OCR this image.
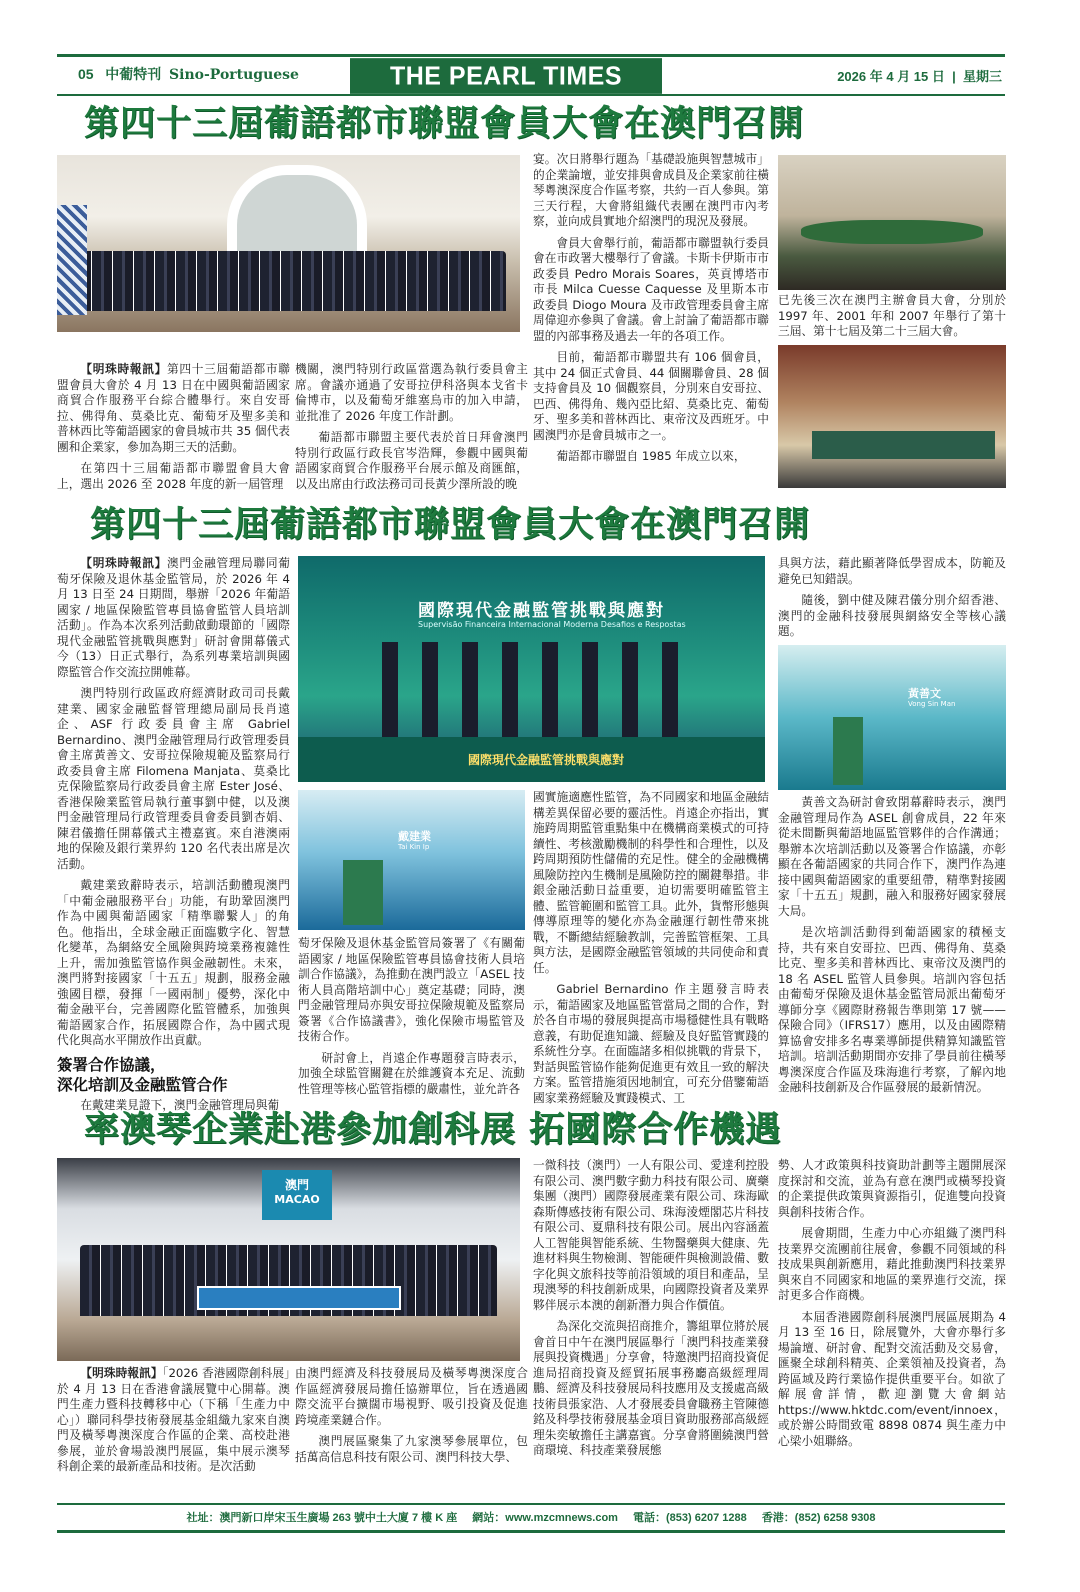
05 中葡特刊 Sino-Portuguese	THE PEARL TIMES	2026 年 4 月 15 日 | 星期三
第四十三屆葡語都市聯盟會員大會在澳門召開

【明珠時報訊】第四十三屆葡語都市聯盟會員大會於 4 月 13 日在中國與葡語國家商貿合作服務平台綜合體舉行。來自安哥拉、佛得角、莫桑比克、葡萄牙及聖多美和普林西比等葡語國家的會員城市共 35 個代表團和企業家，參加為期三天的活動。

在第四十三屆葡語都市聯盟會員大會上，選出 2026 至 2028 年度的新一屆管理

機關，澳門特別行政區當選為執行委員會主席。會議亦通過了安哥拉伊科洛與本戈省卡倫博市，以及葡萄牙維塞烏市的加入申請，並批准了 2026 年度工作計劃。

葡語都市聯盟主要代表於首日拜會澳門特別行政區行政長官岑浩輝，參觀中國與葡語國家商貿合作服務平台展示館及商匯館，以及出席由行政法務司司長黃少澤所設的晚

宴。次日將舉行題為「基礎設施與智慧城市」的企業論壇，並安排與會成員及企業家前往橫琴粵澳深度合作區考察，共約一百人參與。第三天行程，大會將組織代表團在澳門市內考察，並向成員實地介紹澳門的現況及發展。

會員大會舉行前，葡語都市聯盟執行委員會在市政署大樓舉行了會議。卡斯卡伊斯市市政委員 Pedro Morais Soares，英貢博塔市市長 Milca Cuesse Caquesse 及里斯本市政委員 Diogo Moura 及市政管理委員會主席周偉迎亦參與了會議。會上討論了葡語都市聯盟的內部事務及過去一年的各項工作。

目前，葡語都市聯盟共有 106 個會員，其中 24 個正式會員、44 個關聯會員、28 個支持會員及 10 個觀察員，分別來自安哥拉、巴西、佛得角、幾內亞比紹、莫桑比克、葡萄牙、聖多美和普林西比、東帝汶及西班牙。中國澳門亦是會員城市之一。

葡語都市聯盟自 1985 年成立以來，

已先後三次在澳門主辦會員大會，分別於 1997 年、2001 年和 2007 年舉行了第十三屆、第十七屆及第二十三屆大會。

第四十三屆葡語都市聯盟會員大會在澳門召開

【明珠時報訊】澳門金融管理局聯同葡萄牙保險及退休基金監管局，於 2026 年 4 月 13 日至 24 日期間，舉辦「2026 年葡語國家 / 地區保險監管專員協會監管人員培訓活動」。作為本次系列活動啟動環節的「國際現代金融監管挑戰與應對」研討會開幕儀式今（13）日正式舉行，為系列專業培訓與國際監管合作交流拉開帷幕。

澳門特別行政區政府經濟財政司司長戴建業、國家金融監督管理總局副局長肖遠企、ASF 行政委員會主席 Gabriel Bernardino、澳門金融管理局行政管理委員會主席黃善文、安哥拉保險規範及監察局行政委員會主席 Filomena Manjata、莫桑比克保險監察局行政委員會主席 Ester José、香港保險業監管局執行董事劉中健，以及澳門金融管理局行政管理委員會委員劉杏娟、陳君儀擔任開幕儀式主禮嘉賓。來自港澳兩地的保險及銀行業界約 120 名代表出席是次活動。

戴建業致辭時表示，培訓活動體現澳門「中葡金融服務平台」功能，有助鞏固澳門作為中國與葡語國家「精準聯繫人」的角色。他指出，全球金融正面臨數字化、智慧化變革，為網絡安全風險與跨境業務複雜性上升，需加強監管協作與金融韌性。未來，澳門將對接國家「十五五」規劃，服務金融強國目標，發揮「一國兩制」優勢，深化中葡金融平台，完善國際化監管體系，加強與葡語國家合作，拓展國際合作，為中國式現代化與高水平開放作出貢獻。

簽署合作協議，
深化培訓及金融監管合作

在戴建業見證下，澳門金融管理局與葡

國際現代金融監管挑戰與應對
Supervisão Financeira Internacional Moderna Desafios e Respostas
國際現代金融監管挑戰與應對
戴建業
Tai Kin Ip

萄牙保險及退休基金監管局簽署了《有關葡語國家 / 地區保險監管專員協會技術人員培訓合作協議》，為推動在澳門設立「ASEL 技術人員高階培訓中心」奠定基礎；同時，澳門金融管理局亦與安哥拉保險規範及監察局簽署《合作協議書》，強化保險市場監管及技術合作。

研討會上，肖遠企作專題發言時表示，加強全球監管關鍵在於維護資本充足、流動性管理等核心監管指標的嚴肅性，並允許各

國實施適應性監管，為不同國家和地區金融結構差異保留必要的靈活性。肖遠企亦指出，實施跨周期監管重點集中在機構商業模式的可持續性、考核激勵機制的科學性和合理性，以及跨周期預防性儲備的充足性。健全的金融機構風險防控內生機制是風險防控的關鍵舉措。非銀金融活動日益重要，迫切需要明確監管主體、監管範圍和監管工具。此外，貨幣形態與傳導原理等的變化亦為金融運行韌性帶來挑戰，不斷總結經驗教訓，完善監管框架、工具與方法，是國際金融監管領域的共同使命和責任。

Gabriel Bernardino 作主題發言時表示，葡語國家及地區監管當局之間的合作，對於各自市場的發展與提高市場穩健性具有戰略意義，有助促進知識、經驗及良好監管實踐的系統性分享。在面臨諸多相似挑戰的背景下，對話與監管協作能夠促進更有效且一致的解決方案。監管措施須因地制宜，可充分借鑒葡語國家業務經驗及實踐模式、工

具與方法，藉此顯著降低學習成本，防範及避免已知錯誤。

隨後，劉中健及陳君儀分別介紹香港、澳門的金融科技發展與網絡安全等核心議題。

黃善文
Vong Sin Man

黃善文為研討會致閉幕辭時表示，澳門金融管理局作為 ASEL 創會成員，22 年來從未間斷與葡語地區監管夥伴的合作溝通；舉辦本次培訓活動以及簽署合作協議，亦彰顯在各葡語國家的共同合作下，澳門作為連接中國與葡語國家的重要紐帶，精準對接國家「十五五」規劃，融入和服務好國家發展大局。

是次培訓活動得到葡語國家的積極支持，共有來自安哥拉、巴西、佛得角、莫桑比克、聖多美和普林西比、東帝汶及澳門的 18 名 ASEL 監管人員參與。培訓內容包括由葡萄牙保險及退休基金監管局派出葡萄牙導師分享《國際財務報告準則第 17 號——保險合同》（IFRS17）應用，以及由國際精算協會安排多名專業導師提供精算知識監管培訓。培訓活動期間亦安排了學員前往橫琴粵澳深度合作區及珠海進行考察，了解內地金融科技創新及合作區發展的最新情況。

率澳琴企業赴港參加創科展 拓國際合作機遇
澳門
MACAO

【明珠時報訊】「2026 香港國際創科展」於 4 月 13 日在香港會議展覽中心開幕。澳門生產力暨科技轉移中心（下稱「生產力中心」）聯同科學技術發展基金組織九家來自澳門及橫琴粵澳深度合作區的企業、高校赴港參展，並於會場設澳門展區，集中展示澳琴科創企業的最新產品和技術。是次活動

由澳門經濟及科技發展局及橫琴粵澳深度合作區經濟發展局擔任協辦單位，旨在透過國際交流平台擴闊市場視野、吸引投資及促進跨境產業鏈合作。

澳門展區聚集了九家澳琴參展單位，包括萬高信息科技有限公司、澳門科技大學、

一微科技（澳門）一人有限公司、愛達利控股有限公司、澳門數字動力科技有限公司、廣藥集團（澳門）國際發展產業有限公司、珠海歐森斯傳感技術有限公司、珠海淩煙閣芯片科技有限公司、夏鼎科技有限公司。展出內容涵蓋人工智能與智能系統、生物醫藥與大健康、先進材料與生物檢測、智能硬件與檢測設備、數字化與文旅科技等前沿領域的項目和產品，呈現澳琴的科技創新成果，向國際投資者及業界夥伴展示本澳的創新潛力與合作價值。

為深化交流與招商推介，籌組單位將於展會首日中午在澳門展區舉行「澳門科技產業發展與投資機遇」分享會，特邀澳門招商投資促進局招商投資及經貿拓展事務廳高級經理周鵬、經濟及科技發展局科技應用及支援處高級技術員張家浩、人才發展委員會職務主管陳德銘及科學技術發展基金項目資助服務部高級經理朱奕敏擔任主講嘉賓。分享會將圍繞澳門營商環境、科技產業發展態

勢、人才政策與科技資助計劃等主題開展深度探討和交流，並為有意在澳門或橫琴投資的企業提供政策與資源指引，促進雙向投資與創科技術合作。

展會期間，生產力中心亦組織了澳門科技業界交流團前往展會，參觀不同領域的科技成果與創新應用，藉此推動澳門科技業界與來自不同國家和地區的業界進行交流，探討更多合作商機。

本屆香港國際創科展澳門展區展期為 4 月 13 至 16 日，除展覽外，大會亦舉行多場論壇、研討會、配對交流活動及交易會，匯聚全球創科精英、企業領袖及投資者，為跨區域及跨行業協作提供重要平台。如欲了解展會詳情，歡迎瀏覽大會網站 https://www.hktdc.com/event/innoex，或於辦公時間致電 8898 0874 與生產力中心梁小姐聯絡。

社址：澳門新口岸宋玉生廣場 263 號中土大廈 7 樓 K 座 網站：www.mzcmnews.com 電話：(853) 6207 1288 香港：(852) 6258 9308
